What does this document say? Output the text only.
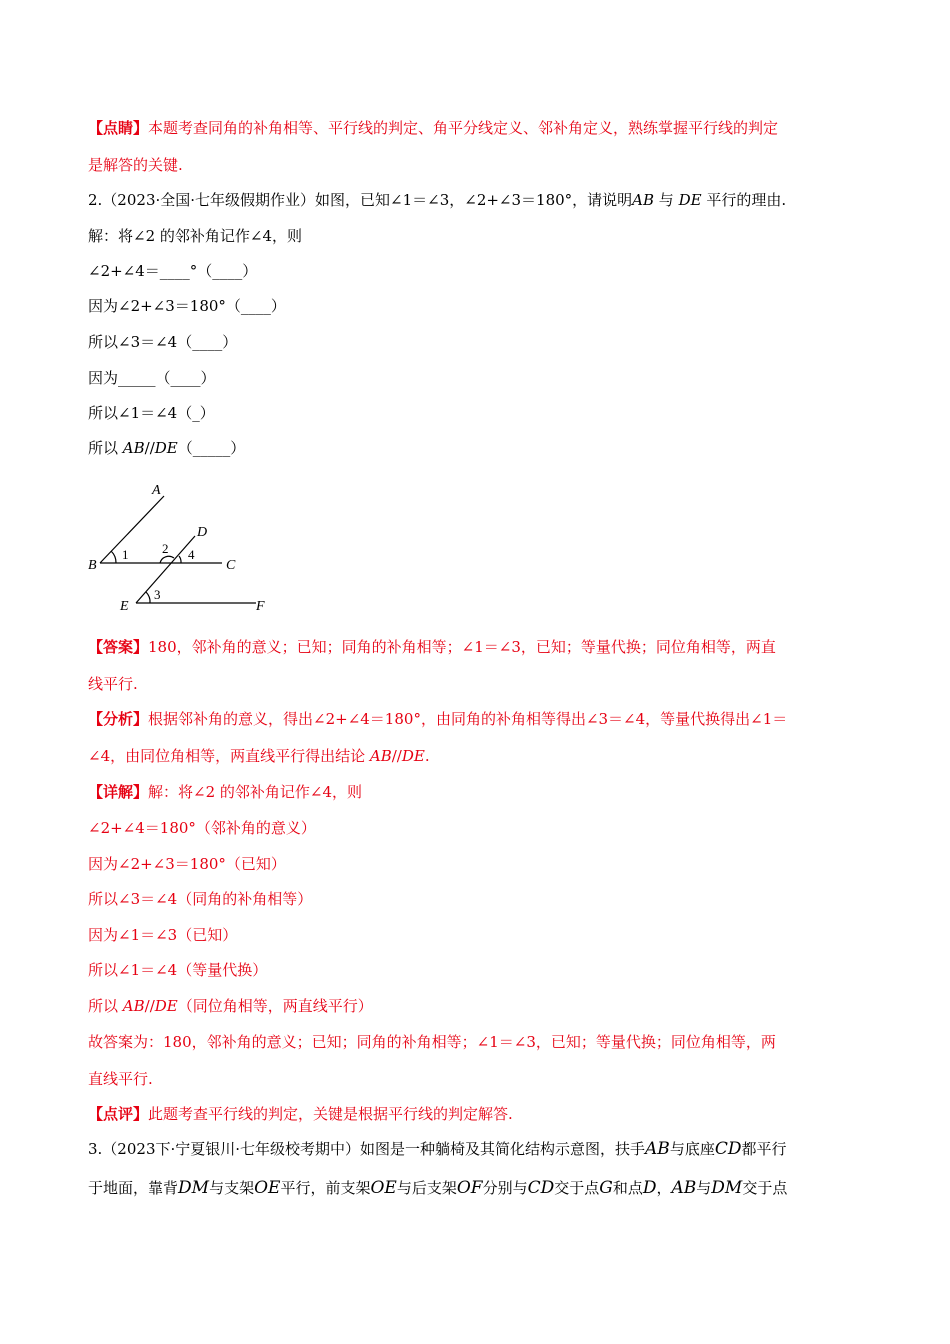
【点睛】本题考查同角的补角相等、平行线的判定、角平分线定义、邻补角定义，熟练掌握平行线的判定
是解答的关键.
2.（2023·全国·七年级假期作业）如图，已知∠1＝∠3，∠2+∠3＝180°，请说明AB 与 DE 平行的理由.
解：将∠2 的邻补角记作∠4，则
∠2+∠4＝____°（____）
因为∠2+∠3＝180°（____）
所以∠3＝∠4（____）
因为_____（____）
所以∠1＝∠4（_）
所以 AB//DE（_____）
A
B	C
D
E	F
1	2
3
4
【答案】180，邻补角的意义；已知；同角的补角相等；∠1＝∠3，已知；等量代换；同位角相等，两直
线平行.
【分析】根据邻补角的意义，得出∠2+∠4＝180°，由同角的补角相等得出∠3＝∠4，等量代换得出∠1＝
∠4，由同位角相等，两直线平行得出结论 AB//DE.
【详解】解：将∠2 的邻补角记作∠4，则
∠2+∠4＝180°（邻补角的意义）
因为∠2+∠3＝180°（已知）
所以∠3＝∠4（同角的补角相等）
因为∠1＝∠3（已知）
所以∠1＝∠4（等量代换）
所以 AB//DE（同位角相等，两直线平行）
故答案为：180，邻补角的意义；已知；同角的补角相等；∠1＝∠3，已知；等量代换；同位角相等，两
直线平行.
【点评】此题考查平行线的判定，关键是根据平行线的判定解答.
3.（2023下·宁夏银川·七年级校考期中）如图是一种躺椅及其简化结构示意图，扶手AB与底座CD都平行
于地面，靠背DM与支架OE平行，前支架OE与后支架OF分别与CD交于点G和点D，AB与DM交于点
